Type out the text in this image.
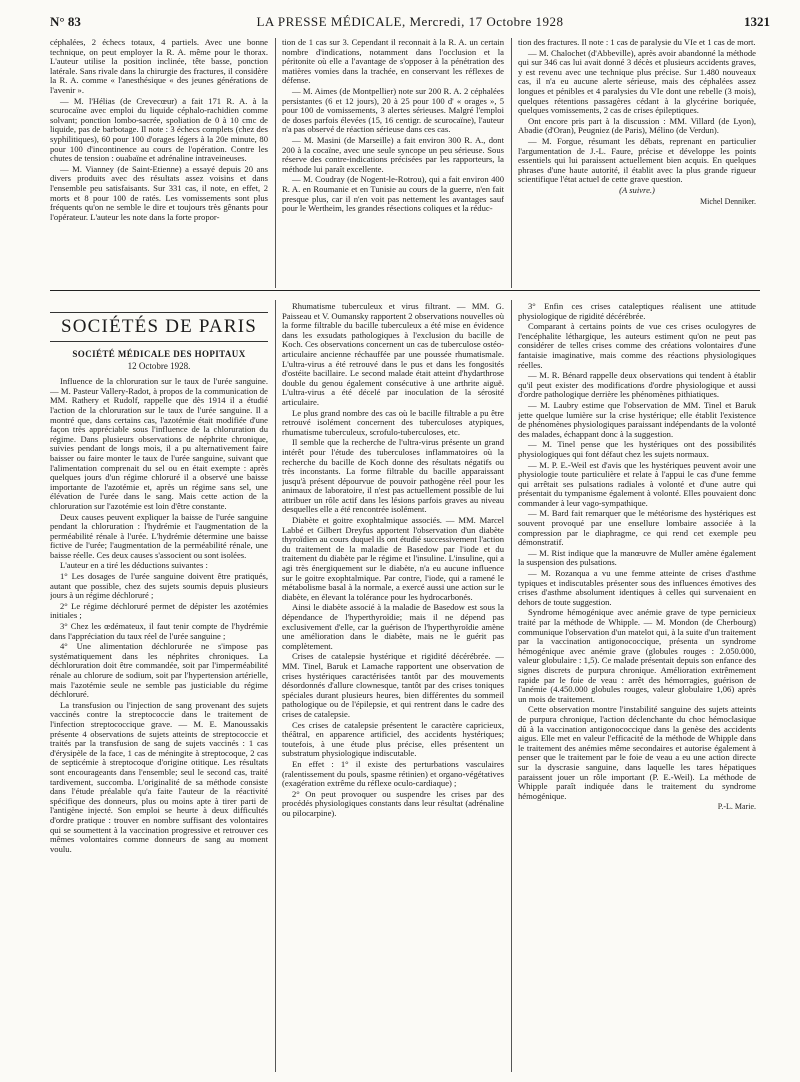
N° 83	LA PRESSE MÉDICALE, Mercredi, 17 Octobre 1928	1321

céphalées, 2 échecs totaux, 4 partiels. Avec une bonne technique, on peut employer la R. A. même pour le thorax. L'auteur utilise la position inclinée, tête basse, ponction latérale. Sans rivale dans la chirurgie des fractures, il considère la R. A. comme « l'anesthésique « des jeunes générations de l'avenir ».

— M. l'Hélias (de Crevecœur) a fait 171 R. A. à la scurocaïne avec emploi du liquide céphalo-rachidien comme solvant; ponction lombo-sacrée, spoliation de 0 à 10 cmc de liquide, pas de barbotage. Il note : 3 échecs complets (chez des syphilitiques), 60 pour 100 d'orages légers à la 20e minute, 80 pour 100 d'incontinence au cours de l'opération. Contre les chutes de tension : ouabaïne et adrénaline intraveineuses.

— M. Vianney (de Saint-Etienne) a essayé depuis 20 ans divers produits avec des résultats assez voisins et dans l'ensemble peu satisfaisants. Sur 331 cas, il note, en effet, 2 morts et 8 pour 100 de ratés. Les vomissements sont plus fréquents qu'on ne semble le dire et toujours très gênants pour l'opérateur. L'auteur les note dans la forte propor-

tion de 1 cas sur 3. Cependant il reconnait à la R. A. un certain nombre d'indications, notamment dans l'occlusion et la péritonite où elle a l'avantage de s'opposer à la pénétration des matières vomies dans la trachée, en conservant les réflexes de défense.

— M. Aimes (de Montpellier) note sur 200 R. A. 2 céphalées persistantes (6 et 12 jours), 20 à 25 pour 100 d' « orages », 5 pour 100 de vomissements, 3 alertes sérieuses. Malgré l'emploi de doses parfois élevées (15, 16 centigr. de scurocaïne), l'auteur n'a pas observé de réaction sérieuse dans ces cas.

— M. Masini (de Marseille) a fait environ 300 R. A., dont 200 à la cocaïne, avec une seule syncope un peu sérieuse. Sous réserve des contre-indications précisées par les rapporteurs, la méthode lui paraît excellente.

— M. Coudray (de Nogent-le-Rotrou), qui a fait environ 400 R. A. en Roumanie et en Tunisie au cours de la guerre, n'en fait presque plus, car il n'en voit pas nettement les avantages sauf pour le Wertheim, les grandes résections coliques et la réduc-

tion des fractures. Il note : 1 cas de paralysie du VIe et 1 cas de mort.

— M. Chalochet (d'Abbeville), après avoir abandonné la méthode qui sur 346 cas lui avait donné 3 décès et plusieurs accidents graves, y est revenu avec une technique plus précise. Sur 1.480 nouveaux cas, il n'a eu aucune alerte sérieuse, mais des céphalées assez longues et pénibles et 4 paralysies du VIe dont une rebelle (3 mois), quelques rétentions passagères cédant à la glycérine boriquée, quelques vomissements, 2 cas de crises épileptiques.

Ont encore pris part à la discussion : MM. Villard (de Lyon), Abadie (d'Oran), Peugniez (de Paris), Mélino (de Verdun).

— M. Forgue, résumant les débats, reprenant en particulier l'argumentation de J.-L. Faure, précise et développe les points essentiels qui lui paraissent actuellement bien acquis. En quelques phrases d'une haute autorité, il établit avec la plus grande rigueur scientifique l'état actuel de cette grave question.

(A suivre.)

Michel Denniker.

SOCIÉTÉS DE PARIS
SOCIÉTÉ MÉDICALE DES HOPITAUX
12 Octobre 1928.

Influence de la chloruration sur le taux de l'urée sanguine. — M. Pasteur Vallery-Radot, à propos de la communication de MM. Rathery et Rudolf, rappelle que dès 1914 il a étudié l'action de la chloruration sur le taux de l'urée sanguine. Il a montré que, dans certains cas, l'azotémie était modifiée d'une façon très appréciable sous l'influence de la chloruration du régime. Dans plusieurs observations de néphrite chronique, suivies pendant de longs mois, il a pu alternativement faire baisser ou faire monter le taux de l'urée sanguine, suivant que l'alimentation comprenait du sel ou en était exempte : après quelques jours d'un régime chloruré il a observé une baisse importante de l'azotémie et, après un régime sans sel, une élévation de l'urée dans le sang. Mais cette action de la chloruration sur l'azotémie est loin d'être constante.

Deux causes peuvent expliquer la baisse de l'urée sanguine pendant la chloruration : l'hydrémie et l'augmentation de la perméabilité rénale à l'urée. L'hydrémie détermine une baisse fictive de l'urée; l'augmentation de la perméabilité rénale, une baisse réelle. Ces deux causes s'associent ou sont isolées.

L'auteur en a tiré les déductions suivantes :

1° Les dosages de l'urée sanguine doivent être pratiqués, autant que possible, chez des sujets soumis depuis plusieurs jours à un régime déchloruré ;

2° Le régime déchloruré permet de dépister les azotémies initiales ;

3° Chez les œdémateux, il faut tenir compte de l'hydrémie dans l'appréciation du taux réel de l'urée sanguine ;

4° Une alimentation déchlorurée ne s'impose pas systématiquement dans les néphrites chroniques. La déchloruration doit être commandée, soit par l'imperméabilité rénale au chlorure de sodium, soit par l'hypertension artérielle, mais l'azotémie seule ne semble pas justiciable du régime déchloruré.

La transfusion ou l'injection de sang provenant des sujets vaccinés contre la streptococcie dans le traitement de l'infection streptococcique grave. — M. E. Manoussakis présente 4 observations de sujets atteints de streptococcie et traités par la transfusion de sang de sujets vaccinés : 1 cas d'érysipèle de la face, 1 cas de méningite à streptocoque, 2 cas de septicémie à streptocoque d'origine otitique. Les résultats sont encourageants dans l'ensemble; seul le second cas, traité tardivement, succomba. L'originalité de sa méthode consiste dans l'étude préalable qu'a faite l'auteur de la réactivité spécifique des donneurs, plus ou moins apte à tirer parti de l'antigène injecté. Son emploi se heurte à deux difficultés d'ordre pratique : trouver en nombre suffisant des volontaires qui se soumettent à la vaccination progressive et retrouver ces mêmes volontaires comme donneurs de sang au moment voulu.

Rhumatisme tuberculeux et virus filtrant. — MM. G. Paisseau et V. Oumansky rapportent 2 observations nouvelles où la forme filtrable du bacille tuberculeux a été mise en évidence dans les exsudats pathologiques à l'exclusion du bacille de Koch. Ces observations concernent un cas de tuberculose ostéo-articulaire ancienne réchauffée par une poussée rhumatismale. L'ultra-virus a été retrouvé dans le pus et dans les fongosités d'ostéite bacillaire. Le second malade était atteint d'hydarthrose double du genou également consécutive à une arthrite aiguë. L'ultra-virus a été décelé par inoculation de la sérosité articulaire.

Le plus grand nombre des cas où le bacille filtrable a pu être retrouvé isolément concernent des tuberculoses atypiques, rhumatisme tuberculeux, scrofulo-tuberculoses, etc.

Il semble que la recherche de l'ultra-virus présente un grand intérêt pour l'étude des tuberculoses inflammatoires où la recherche du bacille de Koch donne des résultats négatifs ou très inconstants. La forme filtrable du bacille apparaissant jusqu'à présent dépourvue de pouvoir pathogène réel pour les animaux de laboratoire, il n'est pas actuellement possible de lui attribuer un rôle actif dans les lésions parfois graves au niveau desquelles elle a été rencontrée isolément.

Diabète et goitre exophtalmique associés. — MM. Marcel Labbé et Gilbert Dreyfus apportent l'observation d'un diabète thyroïdien au cours duquel ils ont étudié successivement l'action du traitement de la maladie de Basedow par l'iode et du traitement du diabète par le régime et l'insuline. L'insuline, qui a agi très énergiquement sur le diabète, n'a eu aucune influence sur le goitre exophtalmique. Par contre, l'iode, qui a ramené le métabolisme basal à la normale, a exercé aussi une action sur le diabète, en élevant la tolérance pour les hydrocarbonés.

Ainsi le diabète associé à la maladie de Basedow est sous la dépendance de l'hyperthyroïdie; mais il ne dépend pas exclusivement d'elle, car la guérison de l'hyperthyroïdie amène une amélioration dans le diabète, mais ne le guérit pas complètement.

Crises de catalepsie hystérique et rigidité décérébrée. — MM. Tinel, Baruk et Lamache rapportent une observation de crises hystériques caractérisées tantôt par des mouvements désordonnés d'allure clownesque, tantôt par des crises toniques spéciales durant plusieurs heures, bien différentes du sommeil pathologique ou de l'épilepsie, et qui rentrent dans le cadre des crises de catalepsie.

Ces crises de catalepsie présentent le caractère capricieux, théâtral, en apparence artificiel, des accidents hystériques; toutefois, à une étude plus précise, elles présentent un substratum physiologique indiscutable.

En effet : 1° il existe des perturbations vasculaires (ralentissement du pouls, spasme rétinien) et organo-végétatives (exagération extrême du réflexe oculo-cardiaque) ;

2° On peut provoquer ou suspendre les crises par des procédés physiologiques constants dans leur résultat (adrénaline ou pilocarpine).

3° Enfin ces crises cataleptiques réalisent une attitude physiologique de rigidité décérébrée.

Comparant à certains points de vue ces crises oculogyres de l'encéphalite léthargique, les auteurs estiment qu'on ne peut pas considérer de telles crises comme des créations volontaires d'une fantaisie imaginative, mais comme des réactions physiologiques réelles.

— M. R. Bénard rappelle deux observations qui tendent à établir qu'il peut exister des modifications d'ordre physiologique et aussi d'ordre pathologique derrière les phénomènes pithiatiques.

— M. Laubry estime que l'observation de MM. Tinel et Baruk jette quelque lumière sur la crise hystérique; elle établit l'existence de phénomènes physiologiques paraissant indépendants de la volonté des malades, échappant donc à la suggestion.

— M. Tinel pense que les hystériques ont des possibilités physiologiques qui font défaut chez les sujets normaux.

— M. P. E.-Weil est d'avis que les hystériques peuvent avoir une physiologie toute particulière et relate à l'appui le cas d'une femme qui arrêtait ses pulsations radiales à volonté et d'une autre qui présentait du tympanisme également à volonté. Elles pouvaient donc commander à leur vago-sympathique.

— M. Bard fait remarquer que le météorisme des hystériques est souvent provoqué par une ensellure lombaire associée à la compression par le diaphragme, ce qui rend cet exemple peu démonstratif.

— M. Rist indique que la manœuvre de Muller amène également la suspension des pulsations.

— M. Rozanqua a vu une femme atteinte de crises d'asthme typiques et indiscutables présenter sous des influences émotives des crises d'asthme absolument identiques à celles qui survenaient en dehors de toute suggestion.

Syndrome hémogénique avec anémie grave de type pernicieux traité par la méthode de Whipple. — M. Mondon (de Cherbourg) communique l'observation d'un matelot qui, à la suite d'un traitement par la vaccination antigonococcique, présenta un syndrome hémogénique avec anémie grave (globules rouges : 2.050.000, valeur globulaire : 1,5). Ce malade présentait depuis son enfance des signes discrets de purpura chronique. Amélioration extrêmement rapide par le foie de veau : arrêt des hémorragies, guérison de l'anémie (4.450.000 globules rouges, valeur globulaire 1,06) après un mois de traitement.

Cette observation montre l'instabilité sanguine des sujets atteints de purpura chronique, l'action déclenchante du choc hémoclasique dû à la vaccination antigonococcique dans la genèse des accidents aigus. Elle met en valeur l'efficacité de la méthode de Whipple dans le traitement des anémies même secondaires et autorise également à penser que le traitement par le foie de veau a eu une action directe sur la dyscrasie sanguine, dans laquelle les tares hépatiques paraissent jouer un rôle important (P. E.-Weil). La méthode de Whipple paraît indiquée dans le traitement du syndrome hémogénique.

P.-L. Marie.
